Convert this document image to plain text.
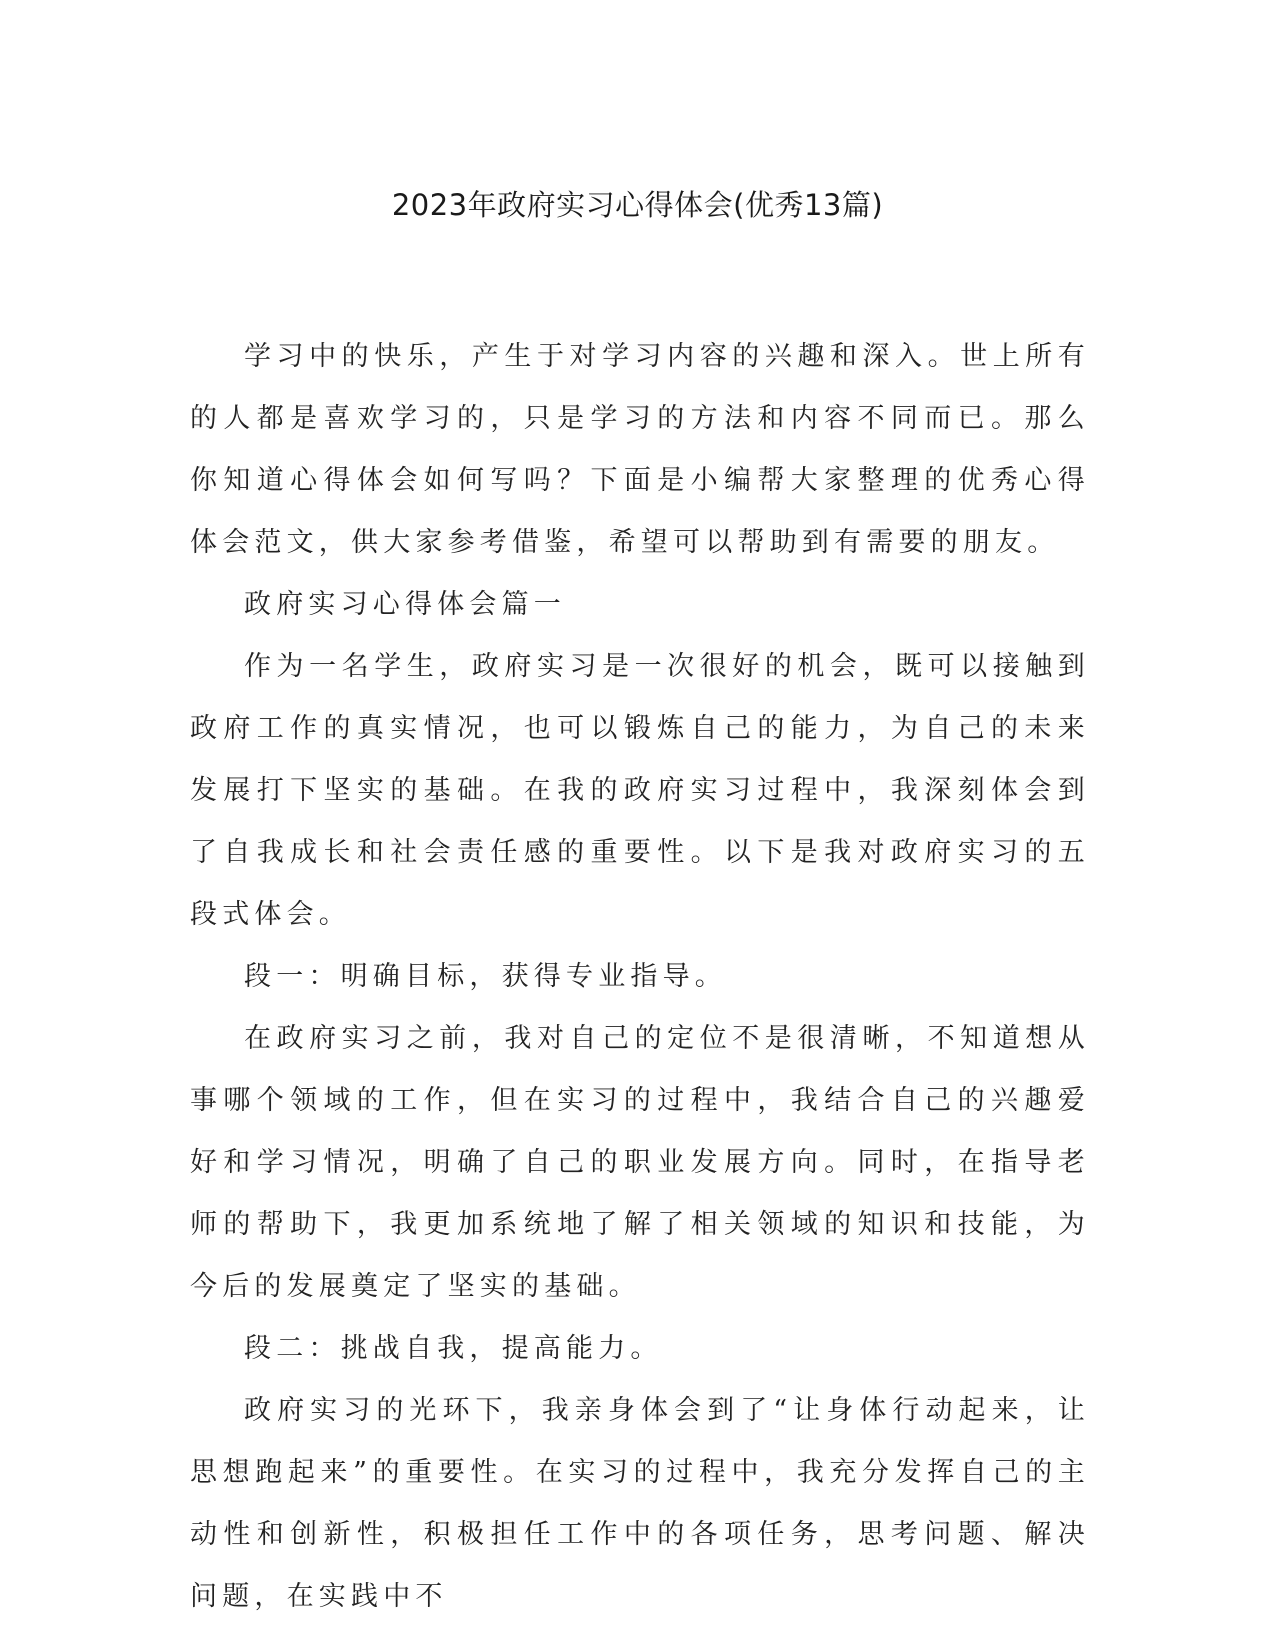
2023年政府实习心得体会(优秀13篇)

学习中的快乐，产生于对学习内容的兴趣和深入。世上所有的人都是喜欢学习的，只是学习的方法和内容不同而已。那么你知道心得体会如何写吗？下面是小编帮大家整理的优秀心得体会范文，供大家参考借鉴，希望可以帮助到有需要的朋友。

政府实习心得体会篇一

作为一名学生，政府实习是一次很好的机会，既可以接触到政府工作的真实情况，也可以锻炼自己的能力，为自己的未来发展打下坚实的基础。在我的政府实习过程中，我深刻体会到了自我成长和社会责任感的重要性。以下是我对政府实习的五段式体会。

段一：明确目标，获得专业指导。

在政府实习之前，我对自己的定位不是很清晰，不知道想从事哪个领域的工作，但在实习的过程中，我结合自己的兴趣爱好和学习情况，明确了自己的职业发展方向。同时，在指导老师的帮助下，我更加系统地了解了相关领域的知识和技能，为今后的发展奠定了坚实的基础。

段二：挑战自我，提高能力。

政府实习的光环下，我亲身体会到了“让身体行动起来，让思想跑起来”的重要性。在实习的过程中，我充分发挥自己的主动性和创新性，积极担任工作中的各项任务，思考问题、解决问题，在实践中不
